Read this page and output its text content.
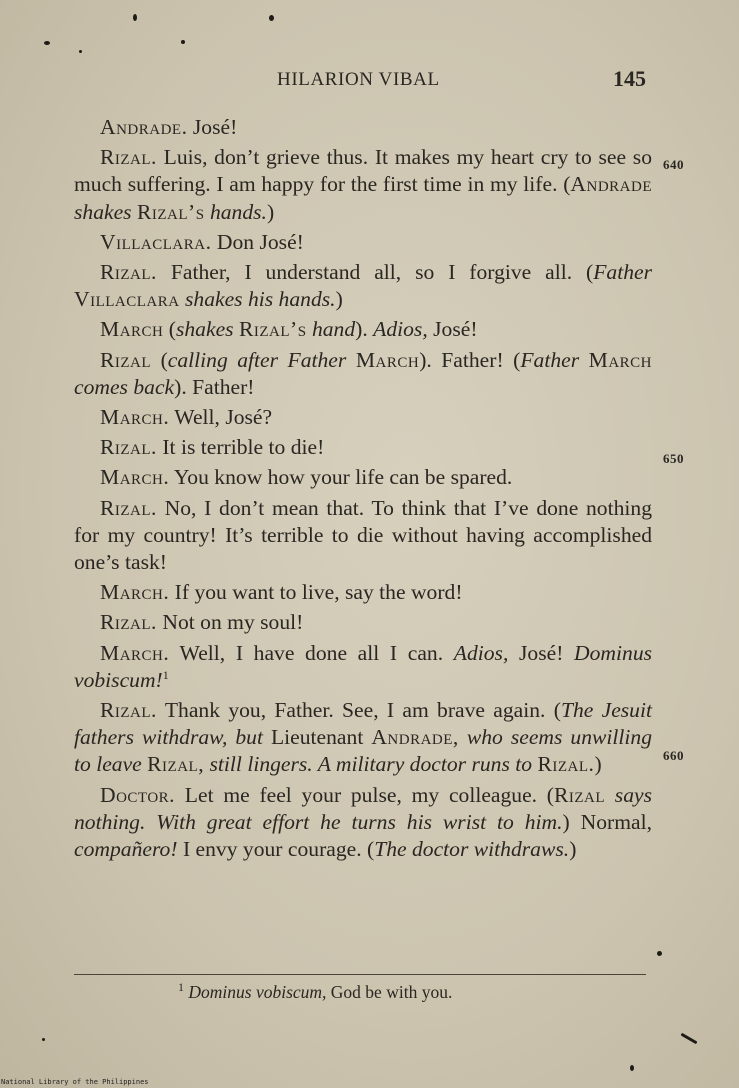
HILARION VIBAL	145
640
650
660

Andrade. José!

Rizal. Luis, don’t grieve thus. It makes my heart cry to see so much suffering. I am happy for the first time in my life. (Andrade shakes Rizal’s hands.)

Villaclara. Don José!

Rizal. Father, I understand all, so I forgive all. (Father Villaclara shakes his hands.)

March (shakes Rizal’s hand). Adios, José!

Rizal (calling after Father March). Father! (Father March comes back). Father!

March. Well, José?

Rizal. It is terrible to die!

March. You know how your life can be spared.

Rizal. No, I don’t mean that. To think that I’ve done nothing for my country! It’s terrible to die without having accomplished one’s task!

March. If you want to live, say the word!

Rizal. Not on my soul!

March. Well, I have done all I can. Adios, José! Dominus vobiscum!$^1$

Rizal. Thank you, Father. See, I am brave again. (The Jesuit fathers withdraw, but Lieutenant Andrade, who seems unwilling to leave Rizal, still lingers. A military doctor runs to Rizal.)

Doctor. Let me feel your pulse, my colleague. (Rizal says nothing. With great effort he turns his wrist to him.) Normal, compañero! I envy your courage. (The doctor withdraws.)

$^1$ Dominus vobiscum, God be with you.
National Library of the Philippines
